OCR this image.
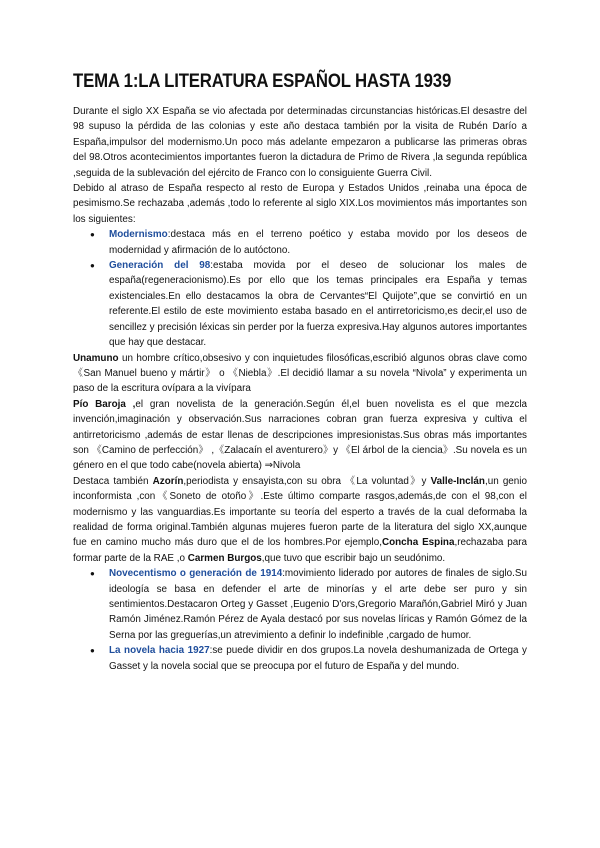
TEMA 1:LA LITERATURA ESPAÑOL HASTA 1939

Durante el siglo XX España se vio afectada por determinadas circunstancias históricas.El desastre del 98 supuso la pérdida de las colonias y este año destaca también por la visita de Rubén Darío a España,impulsor del modernismo.Un poco más adelante empezaron a publicarse las primeras obras del 98.Otros acontecimientos importantes fueron la dictadura de Primo de Rivera ,la segunda república ,seguida de la sublevación del ejército de Franco con lo consiguiente Guerra Civil.

Debido al atraso de España respecto al resto de Europa y Estados Unidos ,reinaba una época de pesimismo.Se rechazaba ,además ,todo lo referente al siglo XIX.Los movimientos más importantes son los siguientes:

● Modernismo:destaca más en el terreno poético y estaba movido por los deseos de modernidad y afirmación de lo autóctono.
● Generación del 98:estaba movida por el deseo de solucionar los males de españa(regeneracionismo).Es por ello que los temas principales era España y temas existenciales.En ello destacamos la obra de Cervantes“El Quijote”,que se convirtió en un referente.El estilo de este movimiento estaba basado en el antirretoricismo,es decir,el uso de sencillez y precisión léxicas sin perder por la fuerza expresiva.Hay algunos autores importantes que hay que destacar.

Unamuno un hombre crítico,obsesivo y con inquietudes filosóficas,escribió algunos obras clave como 《San Manuel bueno y mártir》 o 《Niebla》.El decidió llamar a su novela “Nivola” y experimenta un paso de la escritura ovípara a la vivípara

Pío Baroja ,el gran novelista de la generación.Según él,el buen novelista es el que mezcla invención,imaginación y observación.Sus narraciones cobran gran fuerza expresiva y cultiva el antirretoricismo ,además de estar llenas de descripciones impresionistas.Sus obras más importantes son 《Camino de perfección》 ,《Zalacaín el aventurero》y 《El árbol de la ciencia》.Su novela es un género en el que todo cabe(novela abierta) ⇒Nivola

Destaca también Azorín,periodista y ensayista,con su obra 《La voluntad》y Valle-Inclán,un genio inconformista ,con《Soneto de otoño》.Este último comparte rasgos,además,de con el 98,con el modernismo y las vanguardias.Es importante su teoría del esperto a través de la cual deformaba la realidad de forma original.También algunas mujeres fueron parte de la literatura del siglo XX,aunque fue en camino mucho más duro que el de los hombres.Por ejemplo,Concha Espina,rechazaba para formar parte de la RAE ,o Carmen Burgos,que tuvo que escribir bajo un seudónimo.

● Novecentismo o generación de 1914:movimiento liderado por autores de finales de siglo.Su ideología se basa en defender el arte de minorías y el arte debe ser puro y sin sentimientos.Destacaron Orteg y Gasset ,Eugenio D'ors,Gregorio Marañón,Gabriel Miró y Juan Ramón Jiménez.Ramón Pérez de Ayala destacó por sus novelas líricas y Ramón Gómez de la Serna por las greguerías,un atrevimiento a definir lo indefinible ,cargado de humor.
● La novela hacia 1927:se puede dividir en dos grupos.La novela deshumanizada de Ortega y Gasset y la novela social que se preocupa por el futuro de España y del mundo.
